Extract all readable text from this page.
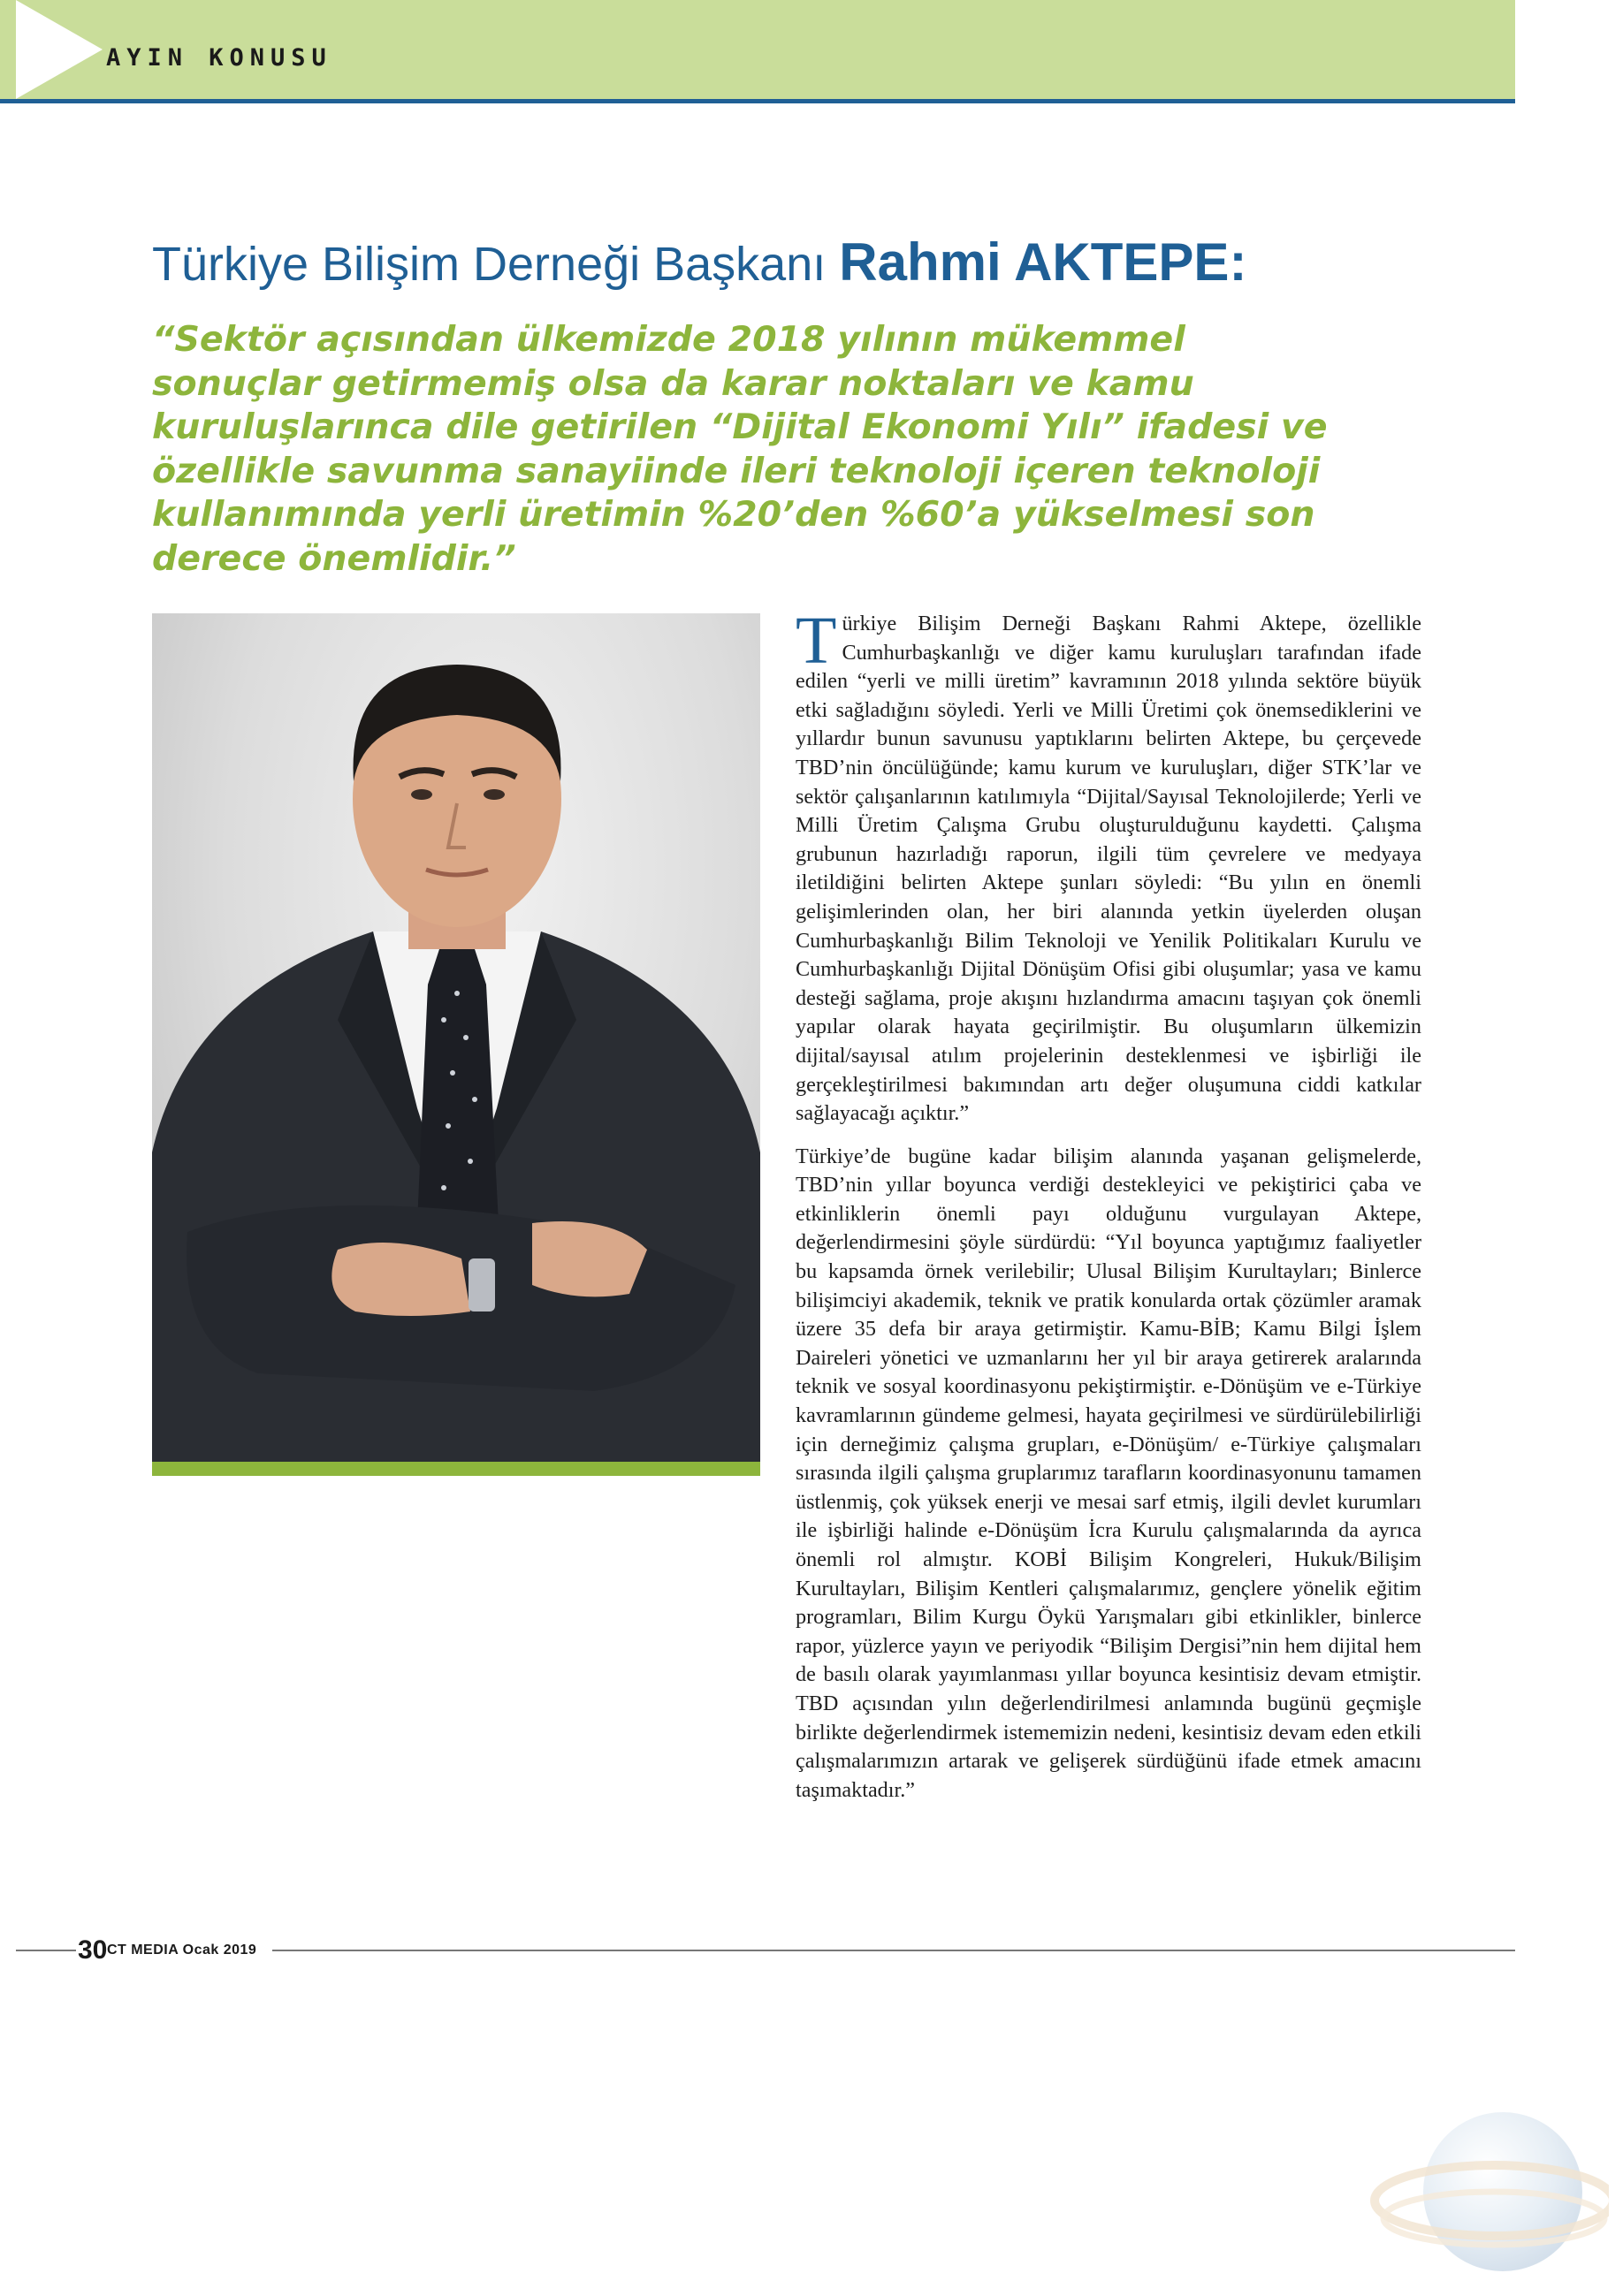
AYIN KONUSU
Türkiye Bilişim Derneği Başkanı Rahmi AKTEPE:
“Sektör açısından ülkemizde 2018 yılının mükemmel sonuçlar getirmemiş olsa da karar noktaları ve kamu kuruluşlarınca dile getirilen “Dijital Ekonomi Yılı” ifadesi ve özellikle savunma sanayiinde ileri teknoloji içeren teknoloji kullanımında yerli üretimin %20’den %60’a yükselmesi son derece önemlidir.”

Türkiye Bilişim Derneği Başkanı Rahmi Aktepe, özellikle Cumhurbaşkanlığı ve diğer kamu kuruluşları tarafından ifade edilen “yerli ve milli üretim” kavramının 2018 yılında sektöre büyük etki sağladığını söyledi. Yerli ve Milli Üretimi çok önemsediklerini ve yıllardır bunun savunusu yaptıklarını belirten Aktepe, bu çerçevede TBD’nin öncülüğünde; kamu kurum ve kuruluşları, diğer STK’lar ve sektör çalışanlarının katılımıyla “Dijital/Sayısal Teknolojilerde; Yerli ve Milli Üretim Çalışma Grubu oluşturulduğunu kaydetti. Çalışma grubunun hazırladığı raporun, ilgili tüm çevrelere ve medyaya iletildiğini belirten Aktepe şunları söyledi: “Bu yılın en önemli gelişimlerinden olan, her biri alanında yetkin üyelerden oluşan Cumhurbaşkanlığı Bilim Teknoloji ve Yenilik Politikaları Kurulu ve Cumhurbaşkanlığı Dijital Dönüşüm Ofisi gibi oluşumlar; yasa ve kamu desteği sağlama, proje akışını hızlandırma amacını taşıyan çok önemli yapılar olarak hayata geçirilmiştir. Bu oluşumların ülkemizin dijital/sayısal atılım projelerinin desteklenmesi ve işbirliği ile gerçekleştirilmesi bakımından artı değer oluşumuna ciddi katkılar sağlayacağı açıktır.”

Türkiye’de bugüne kadar bilişim alanında yaşanan gelişmelerde, TBD’nin yıllar boyunca verdiği destekleyici ve pekiştirici çaba ve etkinliklerin önemli payı olduğunu vurgulayan Aktepe, değerlendirmesini şöyle sürdürdü: “Yıl boyunca yaptığımız faaliyetler bu kapsamda örnek verilebilir; Ulusal Bilişim Kurultayları; Binlerce bilişimciyi akademik, teknik ve pratik konularda ortak çözümler aramak üzere 35 defa bir araya getirmiştir. Kamu-BİB; Kamu Bilgi İşlem Daireleri yönetici ve uzmanlarını her yıl bir araya getirerek aralarında teknik ve sosyal koordinasyonu pekiştirmiştir. e-Dönüşüm ve e-Türkiye kavramlarının gündeme gelmesi, hayata geçirilmesi ve sürdürülebilirliği için derneğimiz çalışma grupları, e-Dönüşüm/ e-Türkiye çalışmaları sırasında ilgili çalışma gruplarımız tarafların koordinasyonunu tamamen üstlenmiş, çok yüksek enerji ve mesai sarf etmiş, ilgili devlet kurumları ile işbirliği halinde e-Dönüşüm İcra Kurulu çalışmalarında da ayrıca önemli rol almıştır. KOBİ Bilişim Kongreleri, Hukuk/Bilişim Kurultayları, Bilişim Kentleri çalışmalarımız, gençlere yönelik eğitim programları, Bilim Kurgu Öykü Yarışmaları gibi etkinlikler, binlerce rapor, yüzlerce yayın ve periyodik “Bilişim Dergisi”nin hem dijital hem de basılı olarak yayımlanması yıllar boyunca kesintisiz devam etmiştir. TBD açısından yılın değerlendirilmesi anlamında bugünü geçmişle birlikte değerlendirmek istememizin nedeni, kesintisiz devam eden etkili çalışmalarımızın artarak ve gelişerek sürdüğünü ifade etmek amacını taşımaktadır.”

30
ICT MEDIA Ocak 2019
